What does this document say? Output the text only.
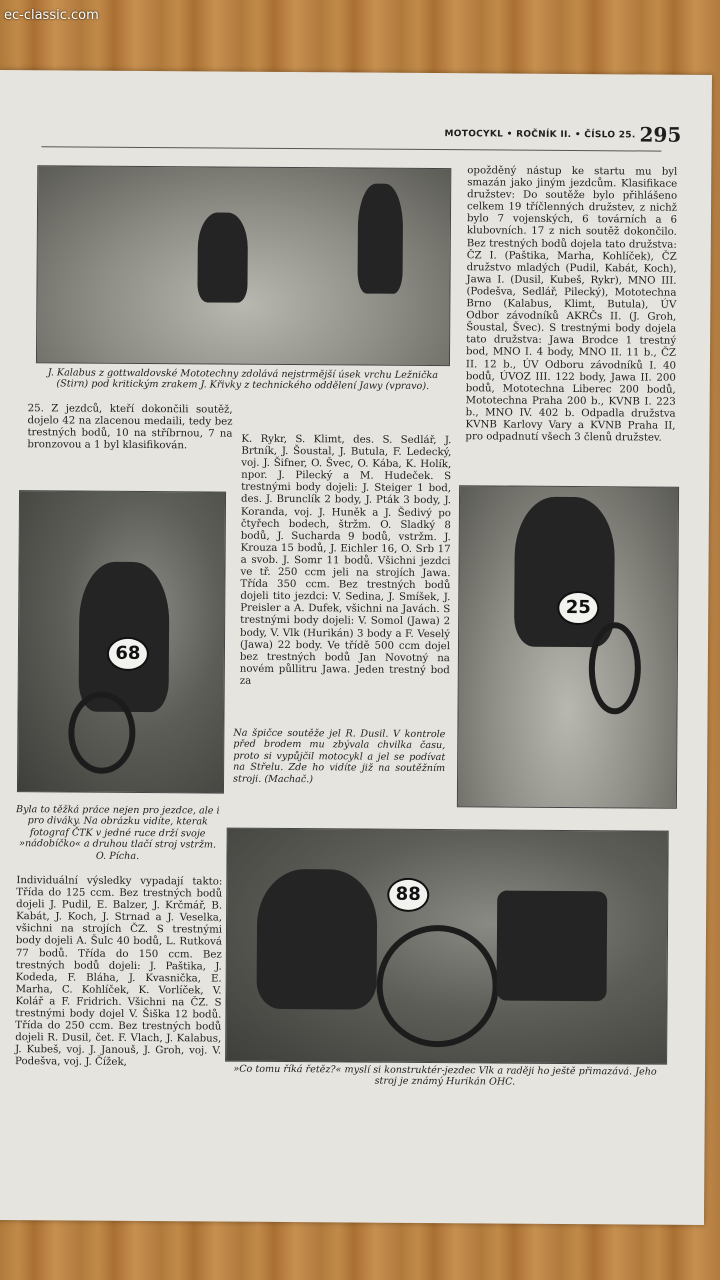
ec-classic.com
MOTOCYKL • ROČNÍK II. • ČÍSLO 25. 295

J. Kalabus z gottwaldovské Mototechny zdolává nejstrmější úsek vrchu Ležnička (Stirn) pod kritickým zrakem J. Křivky z technického oddělení Jawy (vpravo).

25. Z jezdců, kteří dokončili soutěž, dojelo 42 na zlacenou medaili, tedy bez trestných bodů, 10 na stříbrnou, 7 na bronzovou a 1 byl klasifikován.

68

Byla to těžká práce nejen pro jezdce, ale i pro diváky. Na obrázku vidíte, kterak fotograf ČTK v jedné ruce drží svoje »nádobíčko« a druhou tlačí stroj vstržm. O. Pícha.

Individuální výsledky vypadají takto: Třída do 125 ccm. Bez trestných bodů dojeli J. Pudil, E. Balzer, J. Krčmář, B. Kabát, J. Koch, J. Strnad a J. Veselka, všichni na strojích ČZ. S trestnými body dojeli A. Šulc 40 bodů, L. Rutková 77 bodů. Třída do 150 ccm. Bez trestných bodů dojeli: J. Paštika, J. Kodeda, F. Bláha, J. Kvasnička, E. Marha, C. Kohlíček, K. Vorlíček, V. Kolář a F. Fridrich. Všichni na ČZ. S trestnými body dojel V. Šiška 12 bodů. Třída do 250 ccm. Bez trestných bodů dojeli R. Dusil, čet. F. Vlach, J. Kalabus, J. Kubeš, voj. J. Janouš, J. Groh, voj. V. Podešva, voj. J. Čížek,

K. Rykr, S. Klimt, des. S. Sedlář, J. Brtník, J. Šoustal, J. Butula, F. Ledecký, voj. J. Šifner, O. Švec, O. Kába, K. Holík, npor. J. Pilecký a M. Hudeček. S trestnými body dojeli: J. Steiger 1 bod, des. J. Brunclík 2 body, J. Pták 3 body, J. Koranda, voj. J. Huněk a J. Šedivý po čtyřech bodech, štržm. O. Sladký 8 bodů, J. Sucharda 9 bodů, vstržm. J. Krouza 15 bodů, J. Eichler 16, O. Srb 17 a svob. J. Somr 11 bodů. Všichni jezdci ve tř. 250 ccm jeli na strojích Jawa. Třída 350 ccm. Bez trestných bodů dojeli tito jezdci: V. Sedina, J. Smíšek, J. Preisler a A. Dufek, všichni na Javách. S trestnými body dojeli: V. Somol (Jawa) 2 body, V. Vlk (Hurikán) 3 body a F. Veselý (Jawa) 22 body. Ve třídě 500 ccm dojel bez trestných bodů Jan Novotný na novém půllitru Jawa. Jeden trestný bod za

opožděný nástup ke startu mu byl smazán jako jiným jezdcům. Klasifikace družstev: Do soutěže bylo přihlášeno celkem 19 tříčlenných družstev, z nichž bylo 7 vojenských, 6 továrních a 6 klubovních. 17 z nich soutěž dokončilo. Bez trestných bodů dojela tato družstva: ČZ I. (Paštika, Marha, Kohlíček), ČZ družstvo mladých (Pudil, Kabát, Koch), Jawa I. (Dusil, Kubeš, Rykr), MNO III. (Podešva, Sedlář, Pilecký), Mototechna Brno (Kalabus, Klimt, Butula), ÚV Odbor závodníků AKRČs II. (J. Groh, Šoustal, Švec). S trestnými body dojela tato družstva: Jawa Brodce 1 trestný bod, MNO I. 4 body, MNO II. 11 b., ČZ II. 12 b., ÚV Odboru závodníků I. 40 bodů, ÚVOZ III. 122 body, Jawa II. 200 bodů, Mototechna Liberec 200 bodů, Mototechna Praha 200 b., KVNB I. 223 b., MNO IV. 402 b. Odpadla družstva KVNB Karlovy Vary a KVNB Praha II, pro odpadnutí všech 3 členů družstev.

25

Na špičce soutěže jel R. Dusil. V kontrole před brodem mu zbývala chvilka času, proto si vypůjčil motocykl a jel se podívat na Střelu. Zde ho vidíte již na soutěžním stroji. (Machač.)

88

»Co tomu říká řetěz?« myslí si konstruktér-jezdec Vlk a raději ho ještě přimazává. Jeho stroj je známý Hurikán OHC.
